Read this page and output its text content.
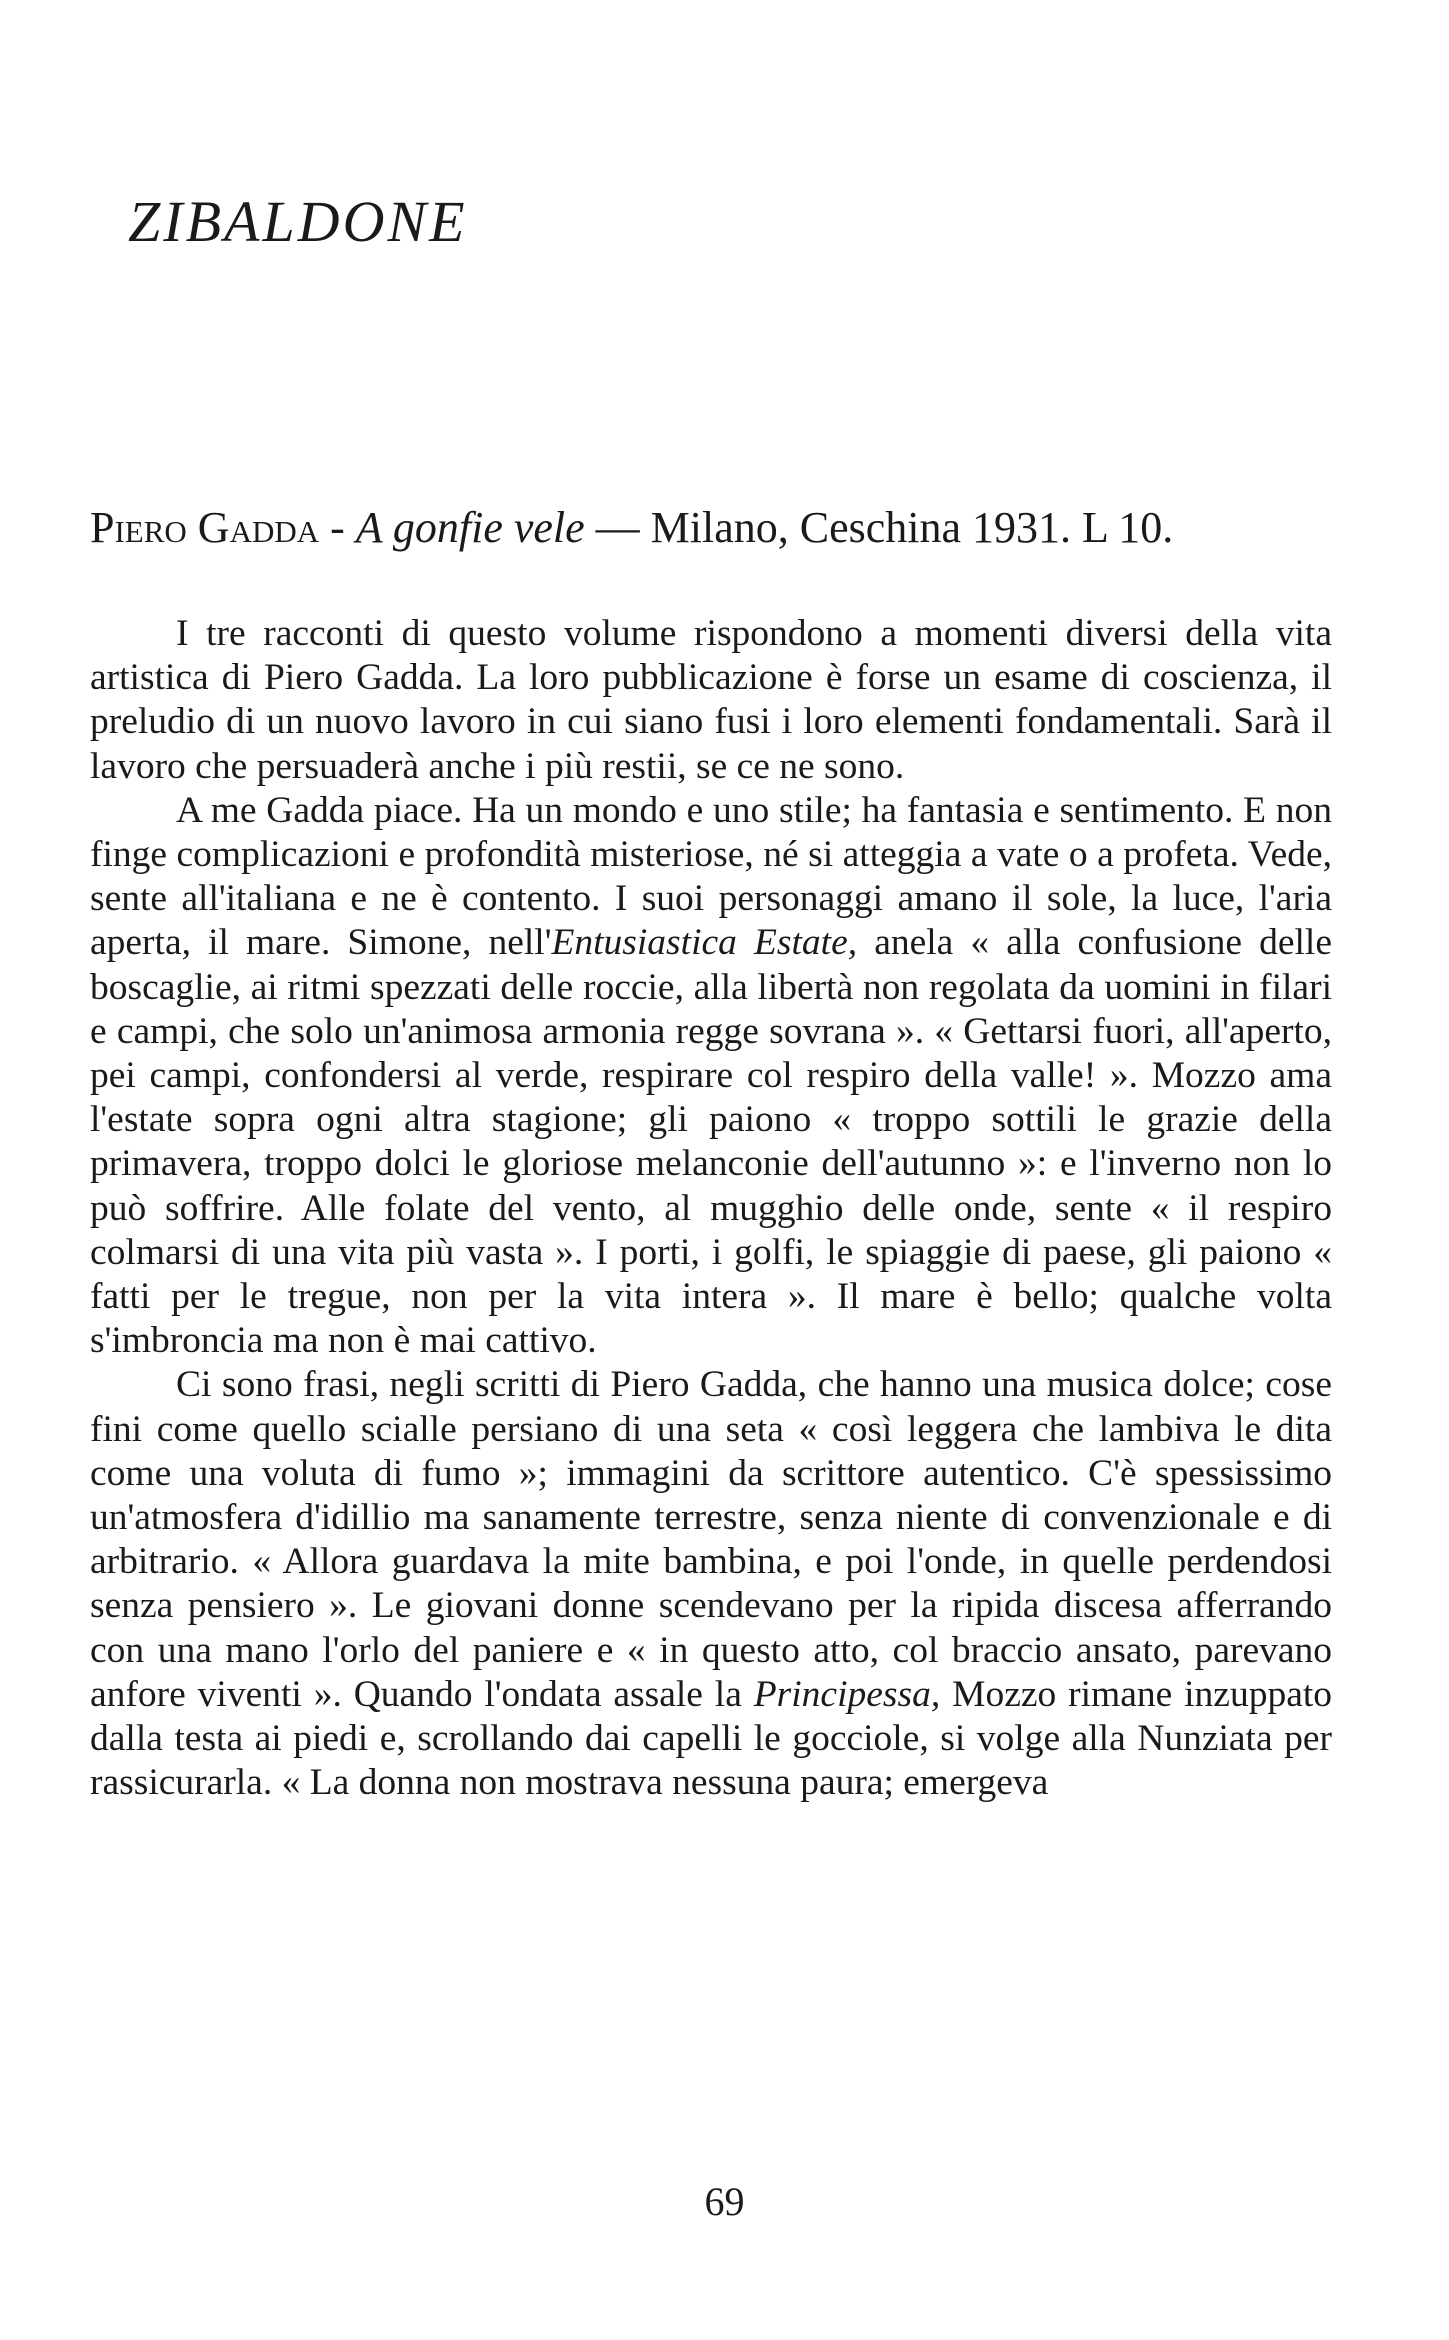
ZIBALDONE
Piero Gadda - A gonfie vele — Milano, Ceschina 1931. L 10.

I tre racconti di questo volume rispondono a momenti diversi della vita artistica di Piero Gadda. La loro pubblicazione è forse un esame di coscienza, il preludio di un nuovo lavoro in cui siano fusi i loro elementi fondamentali. Sarà il lavoro che persuaderà anche i più restii, se ce ne sono.

A me Gadda piace. Ha un mondo e uno stile; ha fantasia e sentimento. E non finge complicazioni e profondità misteriose, né si atteggia a vate o a profeta. Vede, sente all'italiana e ne è contento. I suoi personaggi amano il sole, la luce, l'aria aperta, il mare. Simone, nell'Entusiastica Estate, anela « alla confusione delle boscaglie, ai ritmi spezzati delle roccie, alla libertà non regolata da uomini in filari e campi, che solo un'animosa armonia regge sovrana ». « Gettarsi fuori, all'aperto, pei campi, confondersi al verde, respirare col respiro della valle! ». Mozzo ama l'estate sopra ogni altra stagione; gli paiono « troppo sottili le grazie della primavera, troppo dolci le gloriose melanconie dell'autunno »: e l'inverno non lo può soffrire. Alle folate del vento, al mugghio delle onde, sente « il respiro colmarsi di una vita più vasta ». I porti, i golfi, le spiaggie di paese, gli paiono « fatti per le tregue, non per la vita intera ». Il mare è bello; qualche volta s'imbroncia ma non è mai cattivo.

Ci sono frasi, negli scritti di Piero Gadda, che hanno una musica dolce; cose fini come quello scialle persiano di una seta « così leggera che lambiva le dita come una voluta di fumo »; immagini da scrittore autentico. C'è spessissimo un'atmosfera d'idillio ma sanamente terrestre, senza niente di convenzionale e di arbitrario. « Allora guardava la mite bambina, e poi l'onde, in quelle perdendosi senza pensiero ». Le giovani donne scendevano per la ripida discesa afferrando con una mano l'orlo del paniere e « in questo atto, col braccio ansato, parevano anfore viventi ». Quando l'ondata assale la Principessa, Mozzo rimane inzuppato dalla testa ai piedi e, scrollando dai capelli le gocciole, si volge alla Nunziata per rassicurarla. « La donna non mostrava nessuna paura; emergeva

69
